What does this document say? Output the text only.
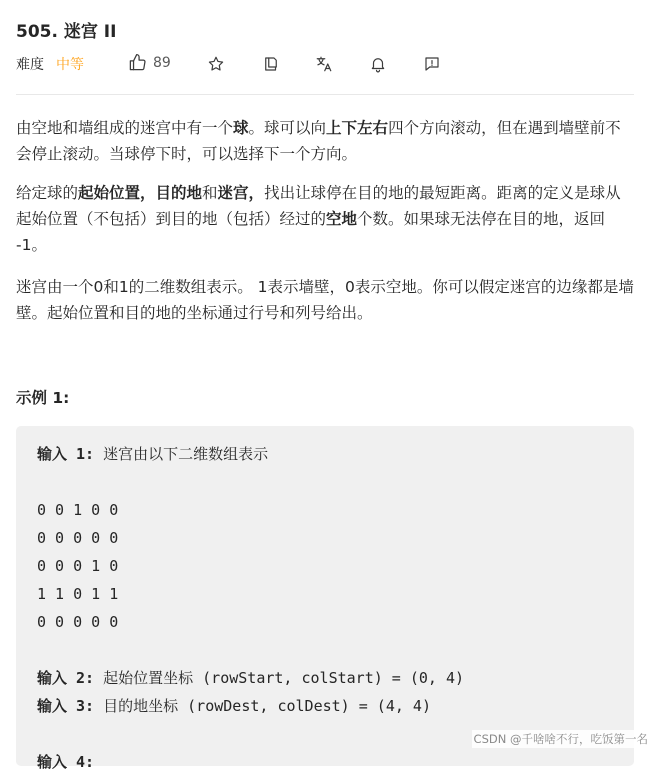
505. 迷宫 II
难度 中等	89
由空地和墙组成的迷宫中有一个球。球可以向上下左右四个方向滚动，但在遇到墙壁前不会停止滚动。当球停下时，可以选择下一个方向。
给定球的起始位置，目的地和迷宫，找出让球停在目的地的最短距离。距离的定义是球从起始位置（不包括）到目的地（包括）经过的空地个数。如果球无法停在目的地，返回 -1。
迷宫由一个0和1的二维数组表示。 1表示墙壁，0表示空地。你可以假定迷宫的边缘都是墙壁。起始位置和目的地的坐标通过行号和列号给出。
示例 1:
输入 1: 迷宫由以下二维数组表示
0 0 1 0 0
0 0 0 0 0
0 0 0 1 0
1 1 0 1 1
0 0 0 0 0
输入 2: 起始位置坐标 (rowStart, colStart) = (0, 4)
输入 3: 目的地坐标 (rowDest, colDest) = (4, 4)
输入 4:
CSDN @千啥啥不行，吃饭第一名
